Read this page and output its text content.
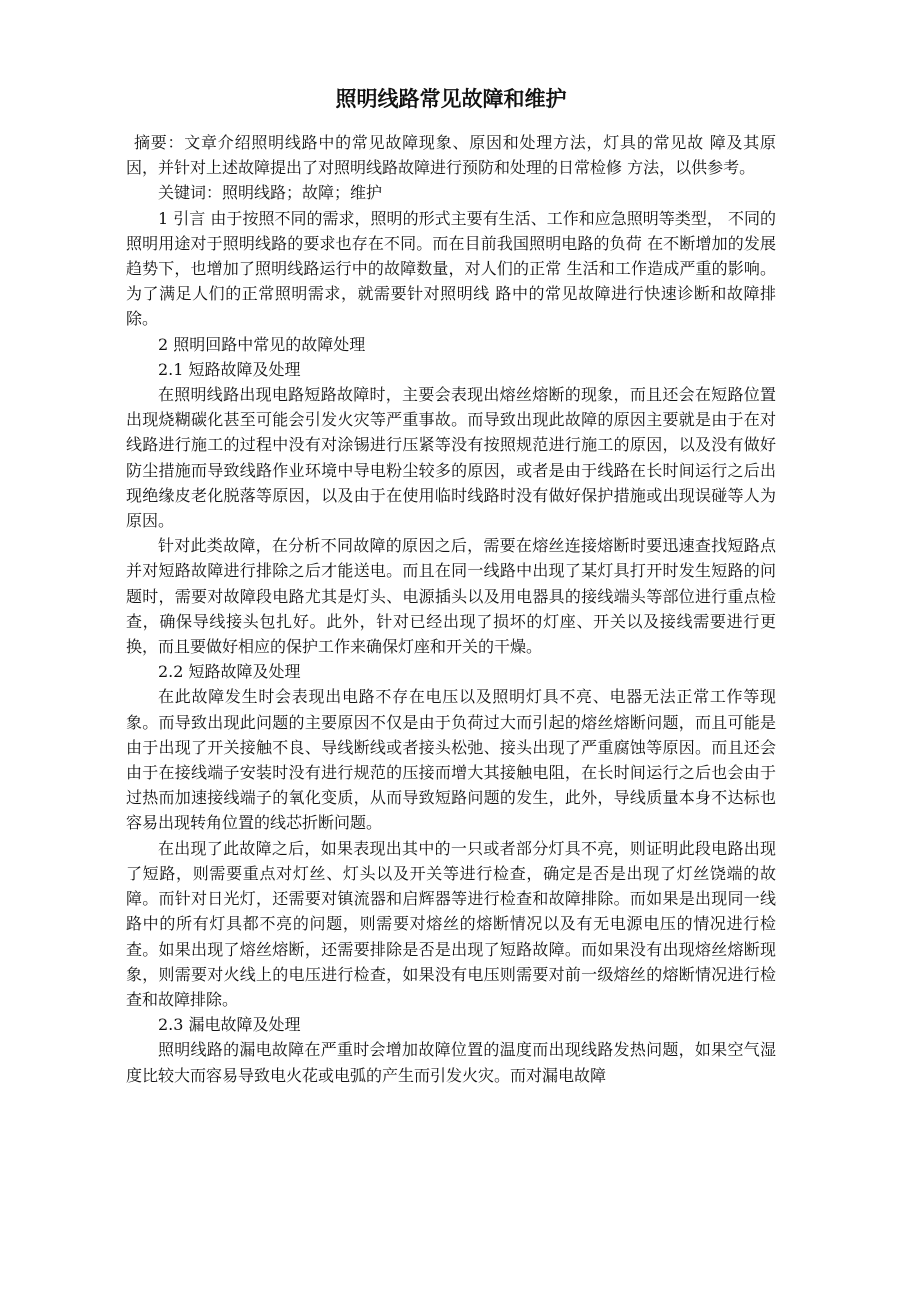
照明线路常见故障和维护

摘要：文章介绍照明线路中的常见故障现象、原因和处理方法，灯具的常见故 障及其原因，并针对上述故障提出了对照明线路故障进行预防和处理的日常检修 方法，以供参考。

关键词：照明线路；故障；维护

1 引言 由于按照不同的需求，照明的形式主要有生活、工作和应急照明等类型， 不同的照明用途对于照明线路的要求也存在不同。而在目前我国照明电路的负荷 在不断增加的发展趋势下，也增加了照明线路运行中的故障数量，对人们的正常 生活和工作造成严重的影响。为了满足人们的正常照明需求，就需要针对照明线 路中的常见故障进行快速诊断和故障排除。

2 照明回路中常见的故障处理

2.1 短路故障及处理

在照明线路出现电路短路故障时，主要会表现出熔丝熔断的现象，而且还会在短路位置出现烧糊碳化甚至可能会引发火灾等严重事故。而导致出现此故障的原因主要就是由于在对线路进行施工的过程中没有对涂锡进行压紧等没有按照规范进行施工的原因，以及没有做好防尘措施而导致线路作业环境中导电粉尘较多的原因，或者是由于线路在长时间运行之后出现绝缘皮老化脱落等原因，以及由于在使用临时线路时没有做好保护措施或出现误碰等人为原因。

针对此类故障，在分析不同故障的原因之后，需要在熔丝连接熔断时要迅速查找短路点并对短路故障进行排除之后才能送电。而且在同一线路中出现了某灯具打开时发生短路的问题时，需要对故障段电路尤其是灯头、电源插头以及用电器具的接线端头等部位进行重点检查，确保导线接头包扎好。此外，针对已经出现了损坏的灯座、开关以及接线需要进行更换，而且要做好相应的保护工作来确保灯座和开关的干燥。

2.2 短路故障及处理

在此故障发生时会表现出电路不存在电压以及照明灯具不亮、电器无法正常工作等现象。而导致出现此问题的主要原因不仅是由于负荷过大而引起的熔丝熔断问题，而且可能是由于出现了开关接触不良、导线断线或者接头松弛、接头出现了严重腐蚀等原因。而且还会由于在接线端子安装时没有进行规范的压接而增大其接触电阻，在长时间运行之后也会由于过热而加速接线端子的氧化变质，从而导致短路问题的发生，此外，导线质量本身不达标也容易出现转角位置的线芯折断问题。

在出现了此故障之后，如果表现出其中的一只或者部分灯具不亮，则证明此段电路出现了短路，则需要重点对灯丝、灯头以及开关等进行检查，确定是否是出现了灯丝饶端的故障。而针对日光灯，还需要对镇流器和启辉器等进行检查和故障排除。而如果是出现同一线路中的所有灯具都不亮的问题，则需要对熔丝的熔断情况以及有无电源电压的情况进行检查。如果出现了熔丝熔断，还需要排除是否是出现了短路故障。而如果没有出现熔丝熔断现象，则需要对火线上的电压进行检查，如果没有电压则需要对前一级熔丝的熔断情况进行检查和故障排除。

2.3 漏电故障及处理

照明线路的漏电故障在严重时会增加故障位置的温度而出现线路发热问题，如果空气湿度比较大而容易导致电火花或电弧的产生而引发火灾。而对漏电故障
